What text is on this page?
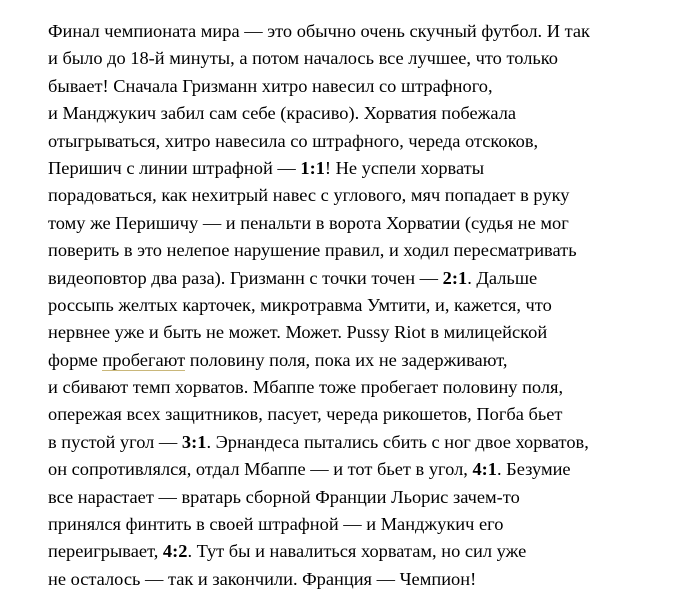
Финал чемпионата мира — это обычно очень скучный футбол. И так
и было до 18-й минуты, а потом началось все лучшее, что только
бывает! Сначала Гризманн хитро навесил со штрафного,
и Манджукич забил сам себе (красиво). Хорватия побежала
отыгрываться, хитро навесила со штрафного, череда отскоков,
Перишич с линии штрафной — 1:1! Не успели хорваты
порадоваться, как нехитрый навес с углового, мяч попадает в руку
тому же Перишичу — и пенальти в ворота Хорватии (судья не мог
поверить в это нелепое нарушение правил, и ходил пересматривать
видеоповтор два раза). Гризманн с точки точен — 2:1. Дальше
россыпь желтых карточек, микротравма Умтити, и, кажется, что
нервнее уже и быть не может. Может. Pussy Riot в милицейской
форме пробегают половину поля, пока их не задерживают,
и сбивают темп хорватов. Мбаппе тоже пробегает половину поля,
опережая всех защитников, пасует, череда рикошетов, Погба бьет
в пустой угол — 3:1. Эрнандеса пытались сбить с ног двое хорватов,
он сопротивлялся, отдал Мбаппе — и тот бьет в угол, 4:1. Безумие
все нарастает — вратарь сборной Франции Льорис зачем-то
принялся финтить в своей штрафной — и Манджукич его
переигрывает, 4:2. Тут бы и навалиться хорватам, но сил уже
не осталось — так и закончили. Франция — Чемпион!
